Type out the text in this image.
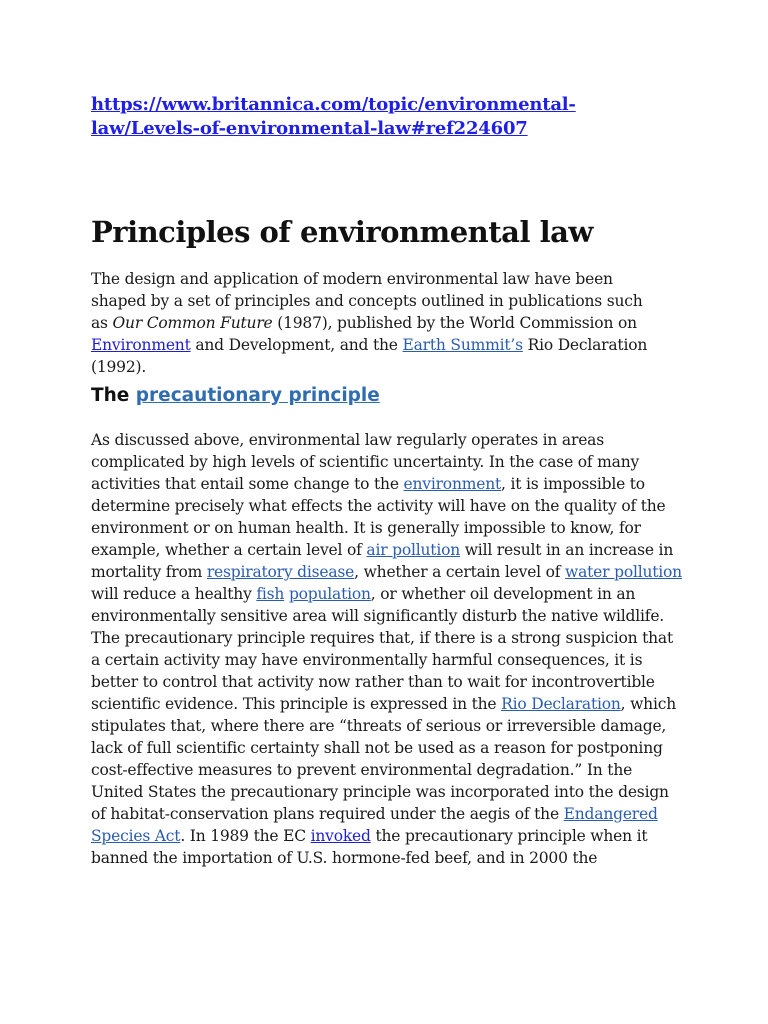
https://www.britannica.com/topic/environmental-law/Levels-of-environmental-law#ref224607
Principles of environmental law

The design and application of modern environmental law have been shaped by a set of principles and concepts outlined in publications such as Our Common Future (1987), published by the World Commission on Environment and Development, and the Earth Summit’s Rio Declaration (1992).

The precautionary principle

As discussed above, environmental law regularly operates in areas complicated by high levels of scientific uncertainty. In the case of many activities that entail some change to the environment, it is impossible to determine precisely what effects the activity will have on the quality of the environment or on human health. It is generally impossible to know, for example, whether a certain level of air pollution will result in an increase in mortality from respiratory disease, whether a certain level of water pollution will reduce a healthy fish population, or whether oil development in an environmentally sensitive area will significantly disturb the native wildlife. The precautionary principle requires that, if there is a strong suspicion that a certain activity may have environmentally harmful consequences, it is better to control that activity now rather than to wait for incontrovertible scientific evidence. This principle is expressed in the Rio Declaration, which stipulates that, where there are “threats of serious or irreversible damage, lack of full scientific certainty shall not be used as a reason for postponing cost-effective measures to prevent environmental degradation.” In the United States the precautionary principle was incorporated into the design of habitat-conservation plans required under the aegis of the Endangered Species Act. In 1989 the EC invoked the precautionary principle when it banned the importation of U.S. hormone-fed beef, and in 2000 the
